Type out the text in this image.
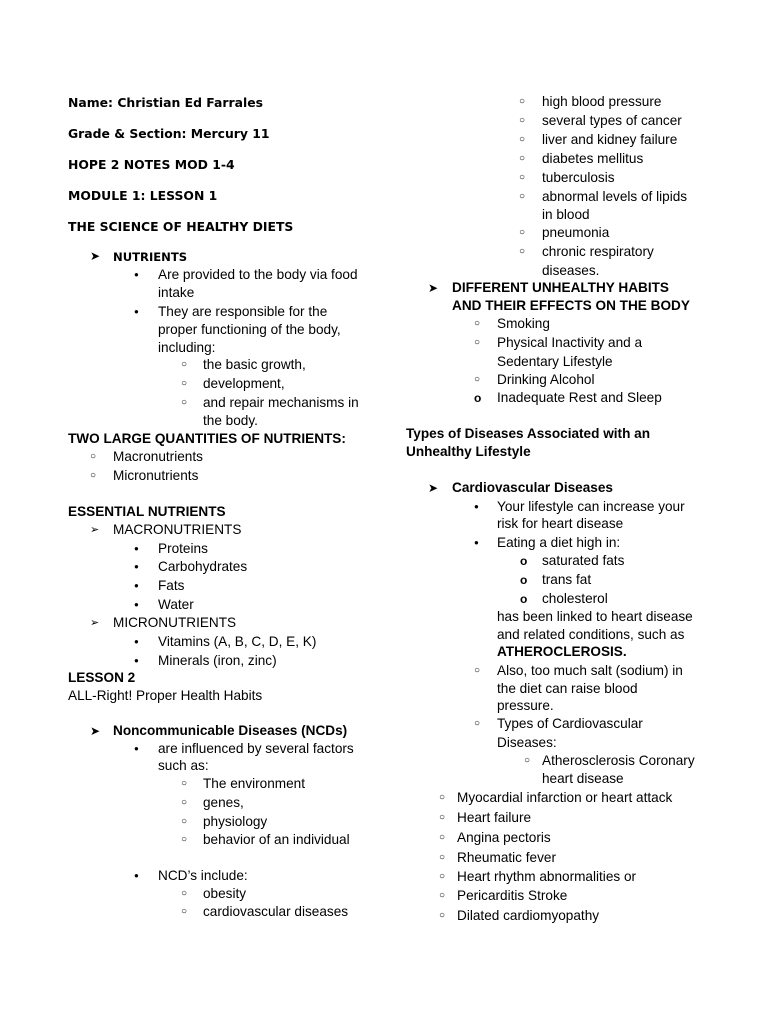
Name: Christian Ed Farrales
Grade & Section: Mercury 11
HOPE 2 NOTES MOD 1-4
MODULE 1: LESSON 1
THE SCIENCE OF HEALTHY DIETS
➤ NUTRIENTS
● Are provided to the body via food
intake
● They are responsible for the
proper functioning of the body,
including:
○ the basic growth,
○ development,
○ and repair mechanisms in
the body.
TWO LARGE QUANTITIES OF NUTRIENTS:
○ Macronutrients
○ Micronutrients
ESSENTIAL NUTRIENTS
➢ MACRONUTRIENTS
● Proteins
● Carbohydrates
● Fats
● Water
➢ MICRONUTRIENTS
● Vitamins (A, B, C, D, E, K)
● Minerals (iron, zinc)
LESSON 2
ALL-Right! Proper Health Habits
➤ Noncommunicable Diseases (NCDs)
● are influenced by several factors
such as:
○ The environment
○ genes,
○ physiology
○ behavior of an individual
● NCD’s include:
○ obesity
○ cardiovascular diseases
○ high blood pressure
○ several types of cancer
○ liver and kidney failure
○ diabetes mellitus
○ tuberculosis
○ abnormal levels of lipids
in blood
○ pneumonia
○ chronic respiratory
diseases.
➤ DIFFERENT UNHEALTHY HABITS
AND THEIR EFFECTS ON THE BODY
○ Smoking
○ Physical Inactivity and a
Sedentary Lifestyle
○ Drinking Alcohol
o Inadequate Rest and Sleep
Types of Diseases Associated with an
Unhealthy Lifestyle
➤ Cardiovascular Diseases
● Your lifestyle can increase your
risk for heart disease
● Eating a diet high in:
o saturated fats
o trans fat
o cholesterol
has been linked to heart disease
and related conditions, such as
ATHEROCLEROSIS.
○ Also, too much salt (sodium) in
the diet can raise blood
pressure.
○ Types of Cardiovascular
Diseases:
○ Atherosclerosis Coronary
heart disease
○ Myocardial infarction or heart attack
○ Heart failure
○ Angina pectoris
○ Rheumatic fever
○ Heart rhythm abnormalities or
○ Pericarditis Stroke
○ Dilated cardiomyopathy
